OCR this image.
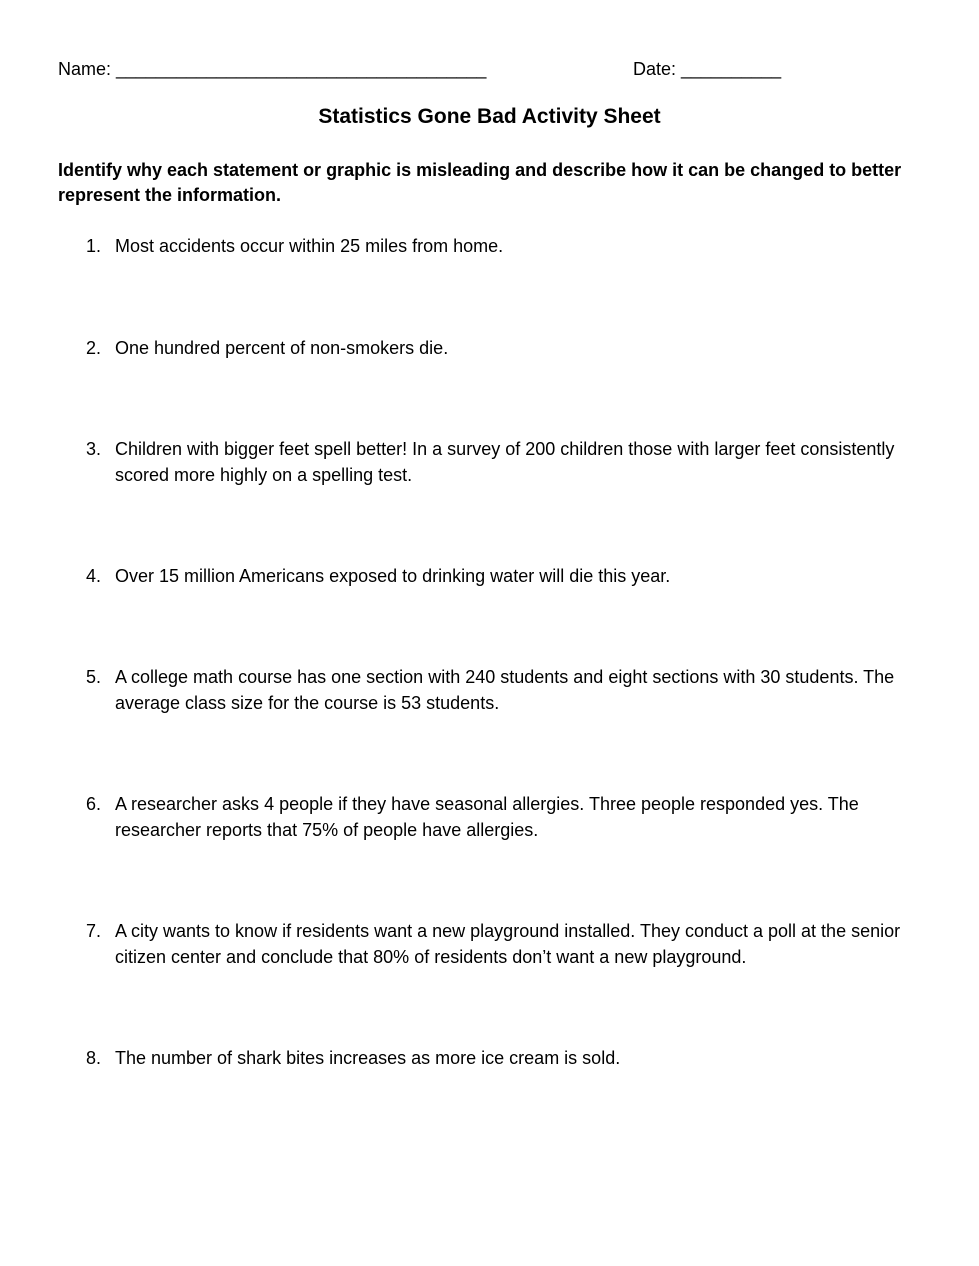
Name: _____________________________________	Date: __________
Statistics Gone Bad Activity Sheet
Identify why each statement or graphic is misleading and describe how it can be changed to better represent the information.
1. Most accidents occur within 25 miles from home.
2. One hundred percent of non-smokers die.
3. Children with bigger feet spell better! In a survey of 200 children those with larger feet consistently scored more highly on a spelling test.
4. Over 15 million Americans exposed to drinking water will die this year.
5. A college math course has one section with 240 students and eight sections with 30 students. The average class size for the course is 53 students.
6. A researcher asks 4 people if they have seasonal allergies. Three people responded yes. The researcher reports that 75% of people have allergies.
7. A city wants to know if residents want a new playground installed. They conduct a poll at the senior citizen center and conclude that 80% of residents don’t want a new playground.
8. The number of shark bites increases as more ice cream is sold.
